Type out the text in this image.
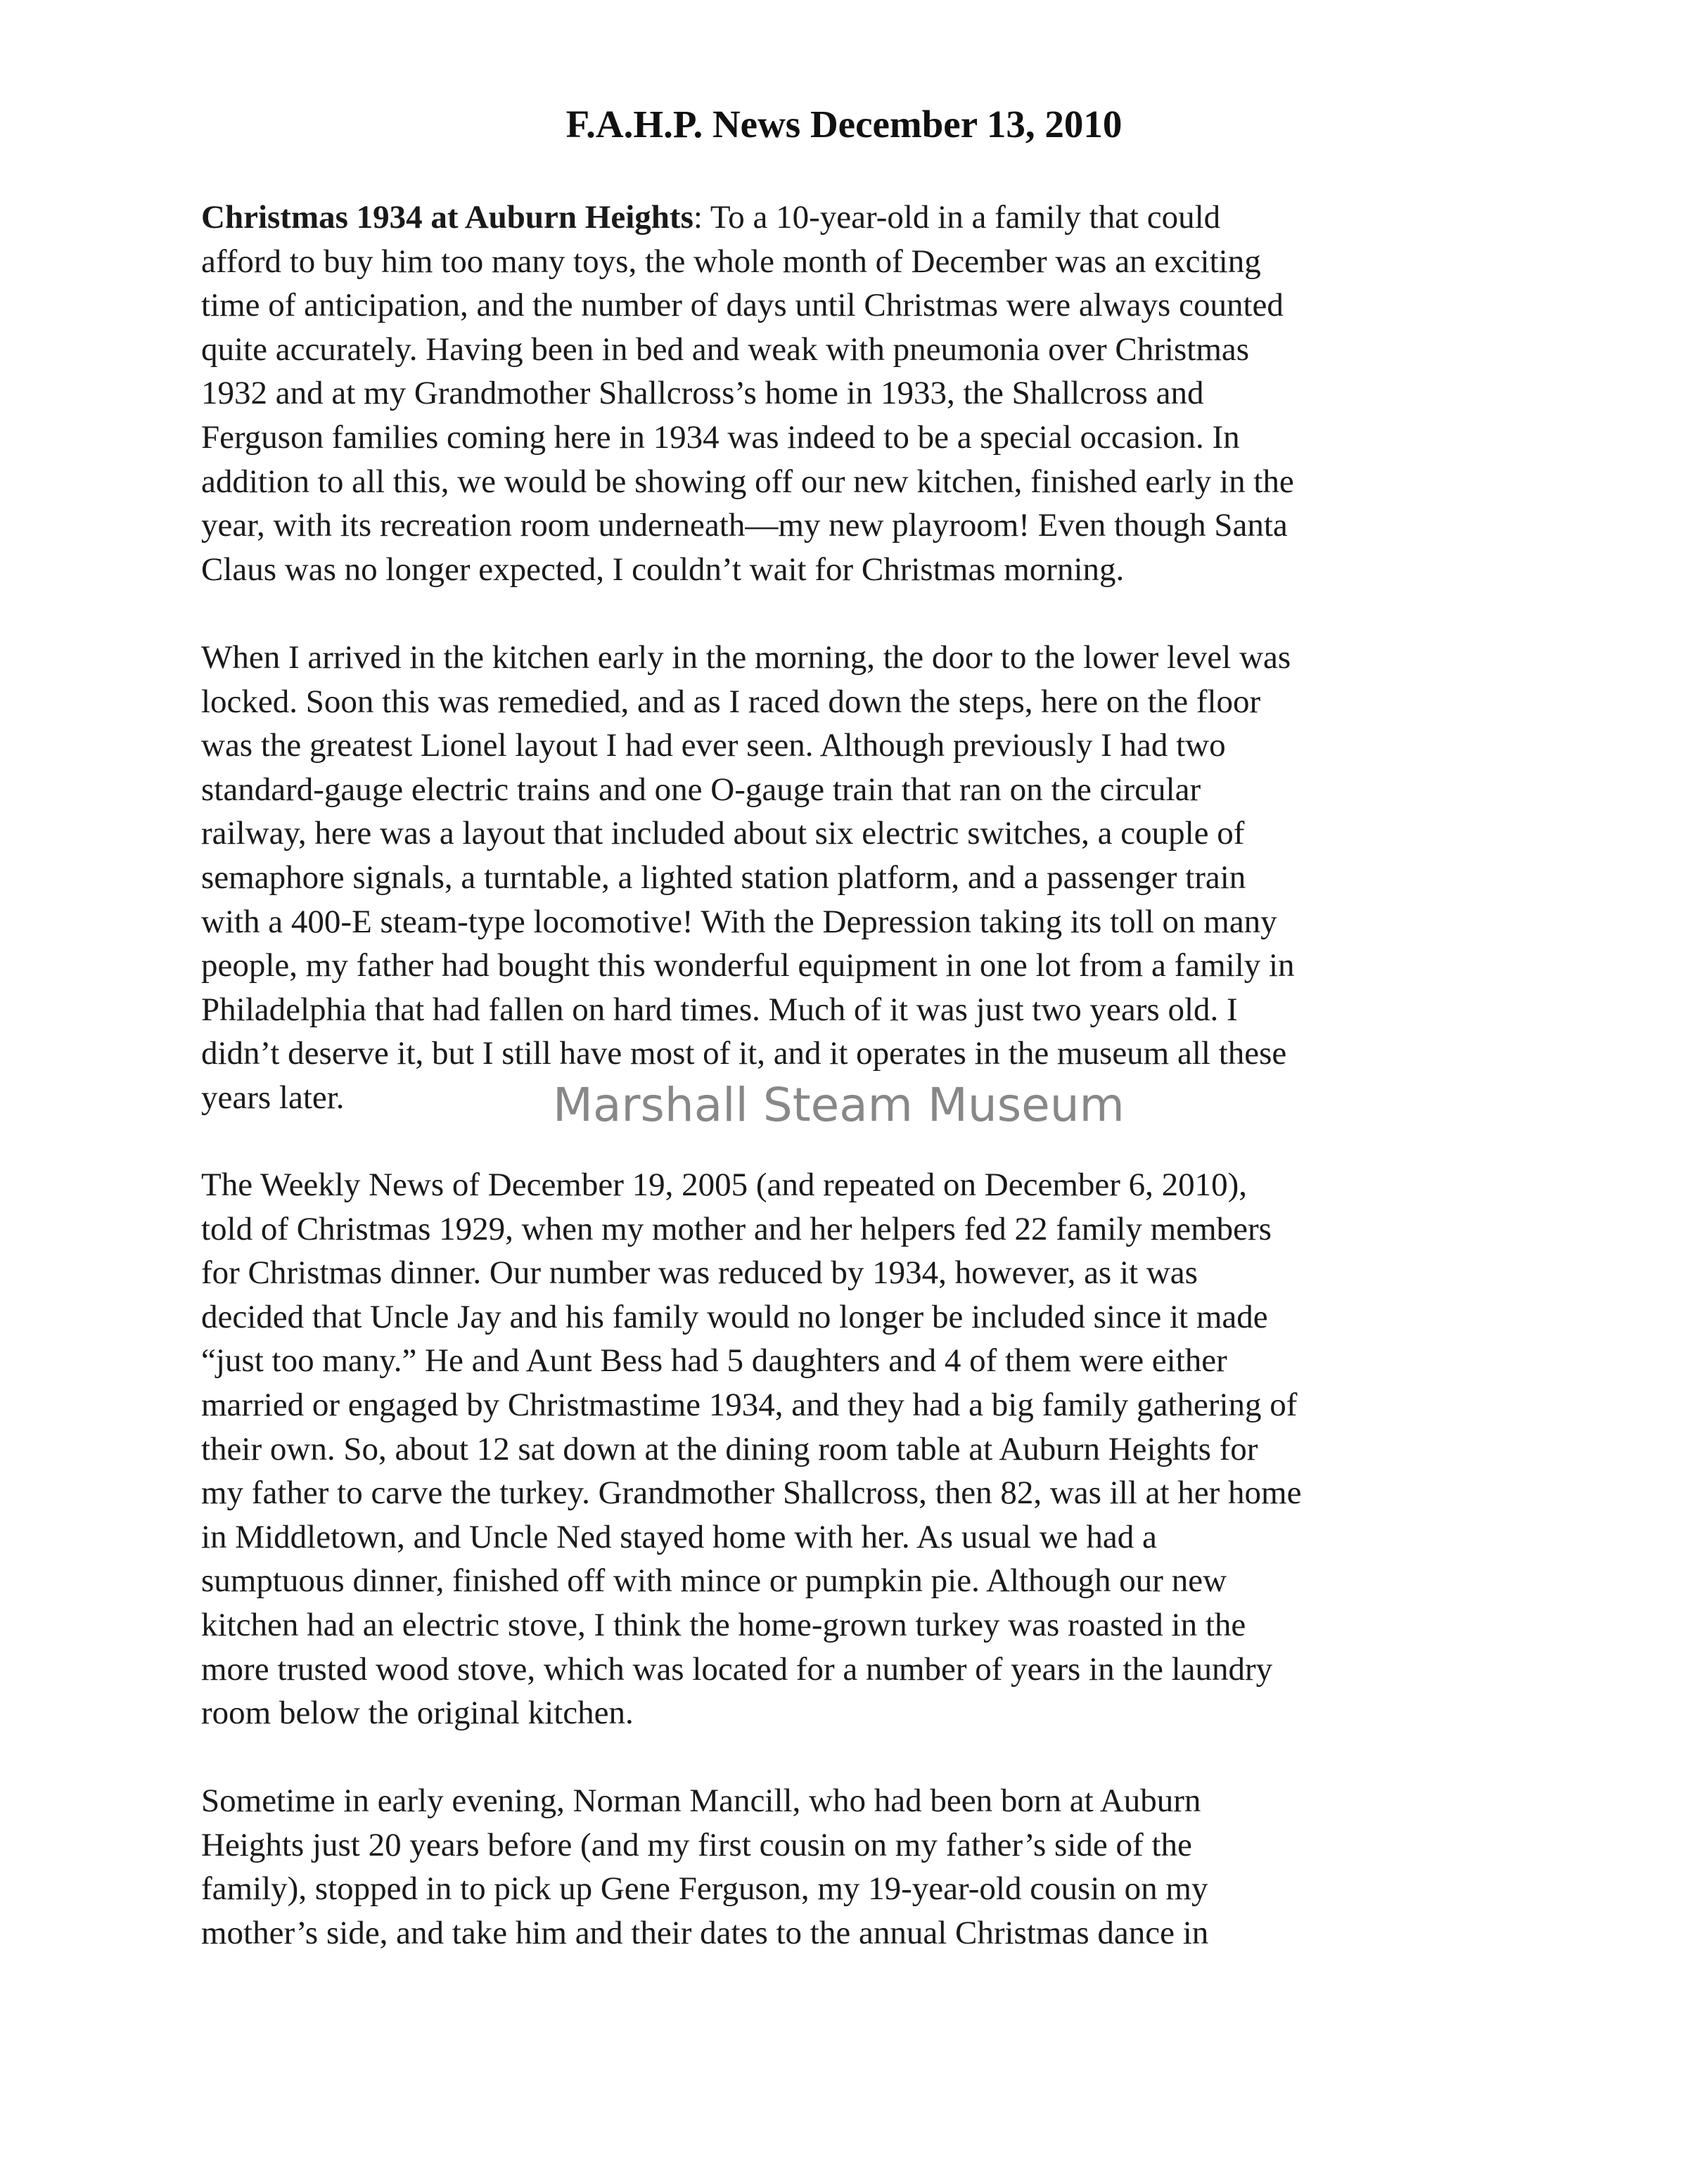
F.A.H.P. News December 13, 2010

Christmas 1934 at Auburn Heights: To a 10-year-old in a family that could
afford to buy him too many toys, the whole month of December was an exciting
time of anticipation, and the number of days until Christmas were always counted
quite accurately. Having been in bed and weak with pneumonia over Christmas
1932 and at my Grandmother Shallcross’s home in 1933, the Shallcross and
Ferguson families coming here in 1934 was indeed to be a special occasion. In
addition to all this, we would be showing off our new kitchen, finished early in the
year, with its recreation room underneath—my new playroom! Even though Santa
Claus was no longer expected, I couldn’t wait for Christmas morning.

When I arrived in the kitchen early in the morning, the door to the lower level was
locked. Soon this was remedied, and as I raced down the steps, here on the floor
was the greatest Lionel layout I had ever seen. Although previously I had two
standard-gauge electric trains and one O-gauge train that ran on the circular
railway, here was a layout that included about six electric switches, a couple of
semaphore signals, a turntable, a lighted station platform, and a passenger train
with a 400-E steam-type locomotive! With the Depression taking its toll on many
people, my father had bought this wonderful equipment in one lot from a family in
Philadelphia that had fallen on hard times. Much of it was just two years old. I
didn’t deserve it, but I still have most of it, and it operates in the museum all these
years later.	Marshall Steam Museum

The Weekly News of December 19, 2005 (and repeated on December 6, 2010),
told of Christmas 1929, when my mother and her helpers fed 22 family members
for Christmas dinner. Our number was reduced by 1934, however, as it was
decided that Uncle Jay and his family would no longer be included since it made
“just too many.” He and Aunt Bess had 5 daughters and 4 of them were either
married or engaged by Christmastime 1934, and they had a big family gathering of
their own. So, about 12 sat down at the dining room table at Auburn Heights for
my father to carve the turkey. Grandmother Shallcross, then 82, was ill at her home
in Middletown, and Uncle Ned stayed home with her. As usual we had a
sumptuous dinner, finished off with mince or pumpkin pie. Although our new
kitchen had an electric stove, I think the home-grown turkey was roasted in the
more trusted wood stove, which was located for a number of years in the laundry
room below the original kitchen.

Sometime in early evening, Norman Mancill, who had been born at Auburn
Heights just 20 years before (and my first cousin on my father’s side of the
family), stopped in to pick up Gene Ferguson, my 19-year-old cousin on my
mother’s side, and take him and their dates to the annual Christmas dance in
